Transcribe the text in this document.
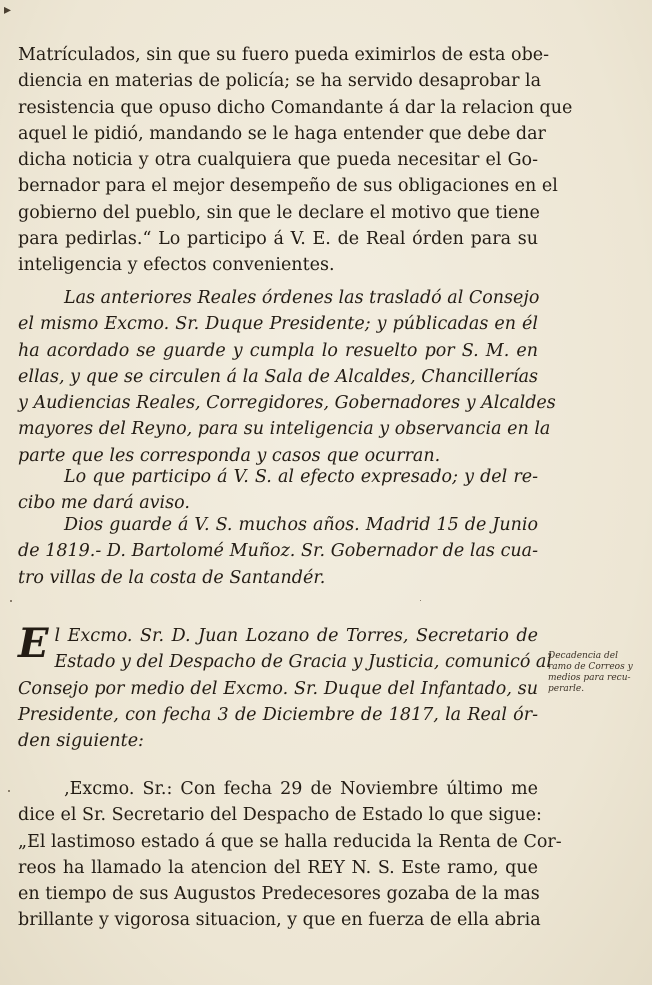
▸
Matrículados, sin que su fuero pueda eximirlos de esta obe-
diencia en materias de policía; se ha servido desaprobar la
resistencia que opuso dicho Comandante á dar la relacion que
aquel le pidió, mandando se le haga entender que debe dar
dicha noticia y otra cualquiera que pueda necesitar el Go-
bernador para el mejor desempeño de sus obligaciones en el
gobierno del pueblo, sin que le declare el motivo que tiene
para pedirlas.“ Lo participo á V. E. de Real órden para su
inteligencia y efectos convenientes.
Las anteriores Reales órdenes las trasladó al Consejo
el mismo Excmo. Sr. Duque Presidente; y públicadas en él
ha acordado se guarde y cumpla lo resuelto por S. M. en
ellas, y que se circulen á la Sala de Alcaldes, Chancillerías
y Audiencias Reales, Corregidores, Gobernadores y Alcaldes
mayores del Reyno, para su inteligencia y observancia en la
parte que les corresponda y casos que ocurran.
Lo que participo á V. S. al efecto expresado; y del re-
cibo me dará aviso.
Dios guarde á V. S. muchos años. Madrid 15 de Junio
de 1819.- D. Bartolomé Muñoz. Sr. Gobernador de las cua-
tro villas de la costa de Santandér.
E l Excmo. Sr. D. Juan Lozano de Torres, Secretario de
Estado y del Despacho de Gracia y Justicia, comunicó al
Consejo por medio del Excmo. Sr. Duque del Infantado, su
Presidente, con fecha 3 de Diciembre de 1817, la Real ór-
den siguiente:
‚Excmo. Sr.: Con fecha 29 de Noviembre último me
dice el Sr. Secretario del Despacho de Estado lo que sigue:
„El lastimoso estado á que se halla reducida la Renta de Cor-
reos ha llamado la atencion del REY N. S. Este ramo, que
en tiempo de sus Augustos Predecesores gozaba de la mas
brillante y vigorosa situacion, y que en fuerza de ella abria
Decadencia del
ramo de Correos y
medios para recu-
perarle.
